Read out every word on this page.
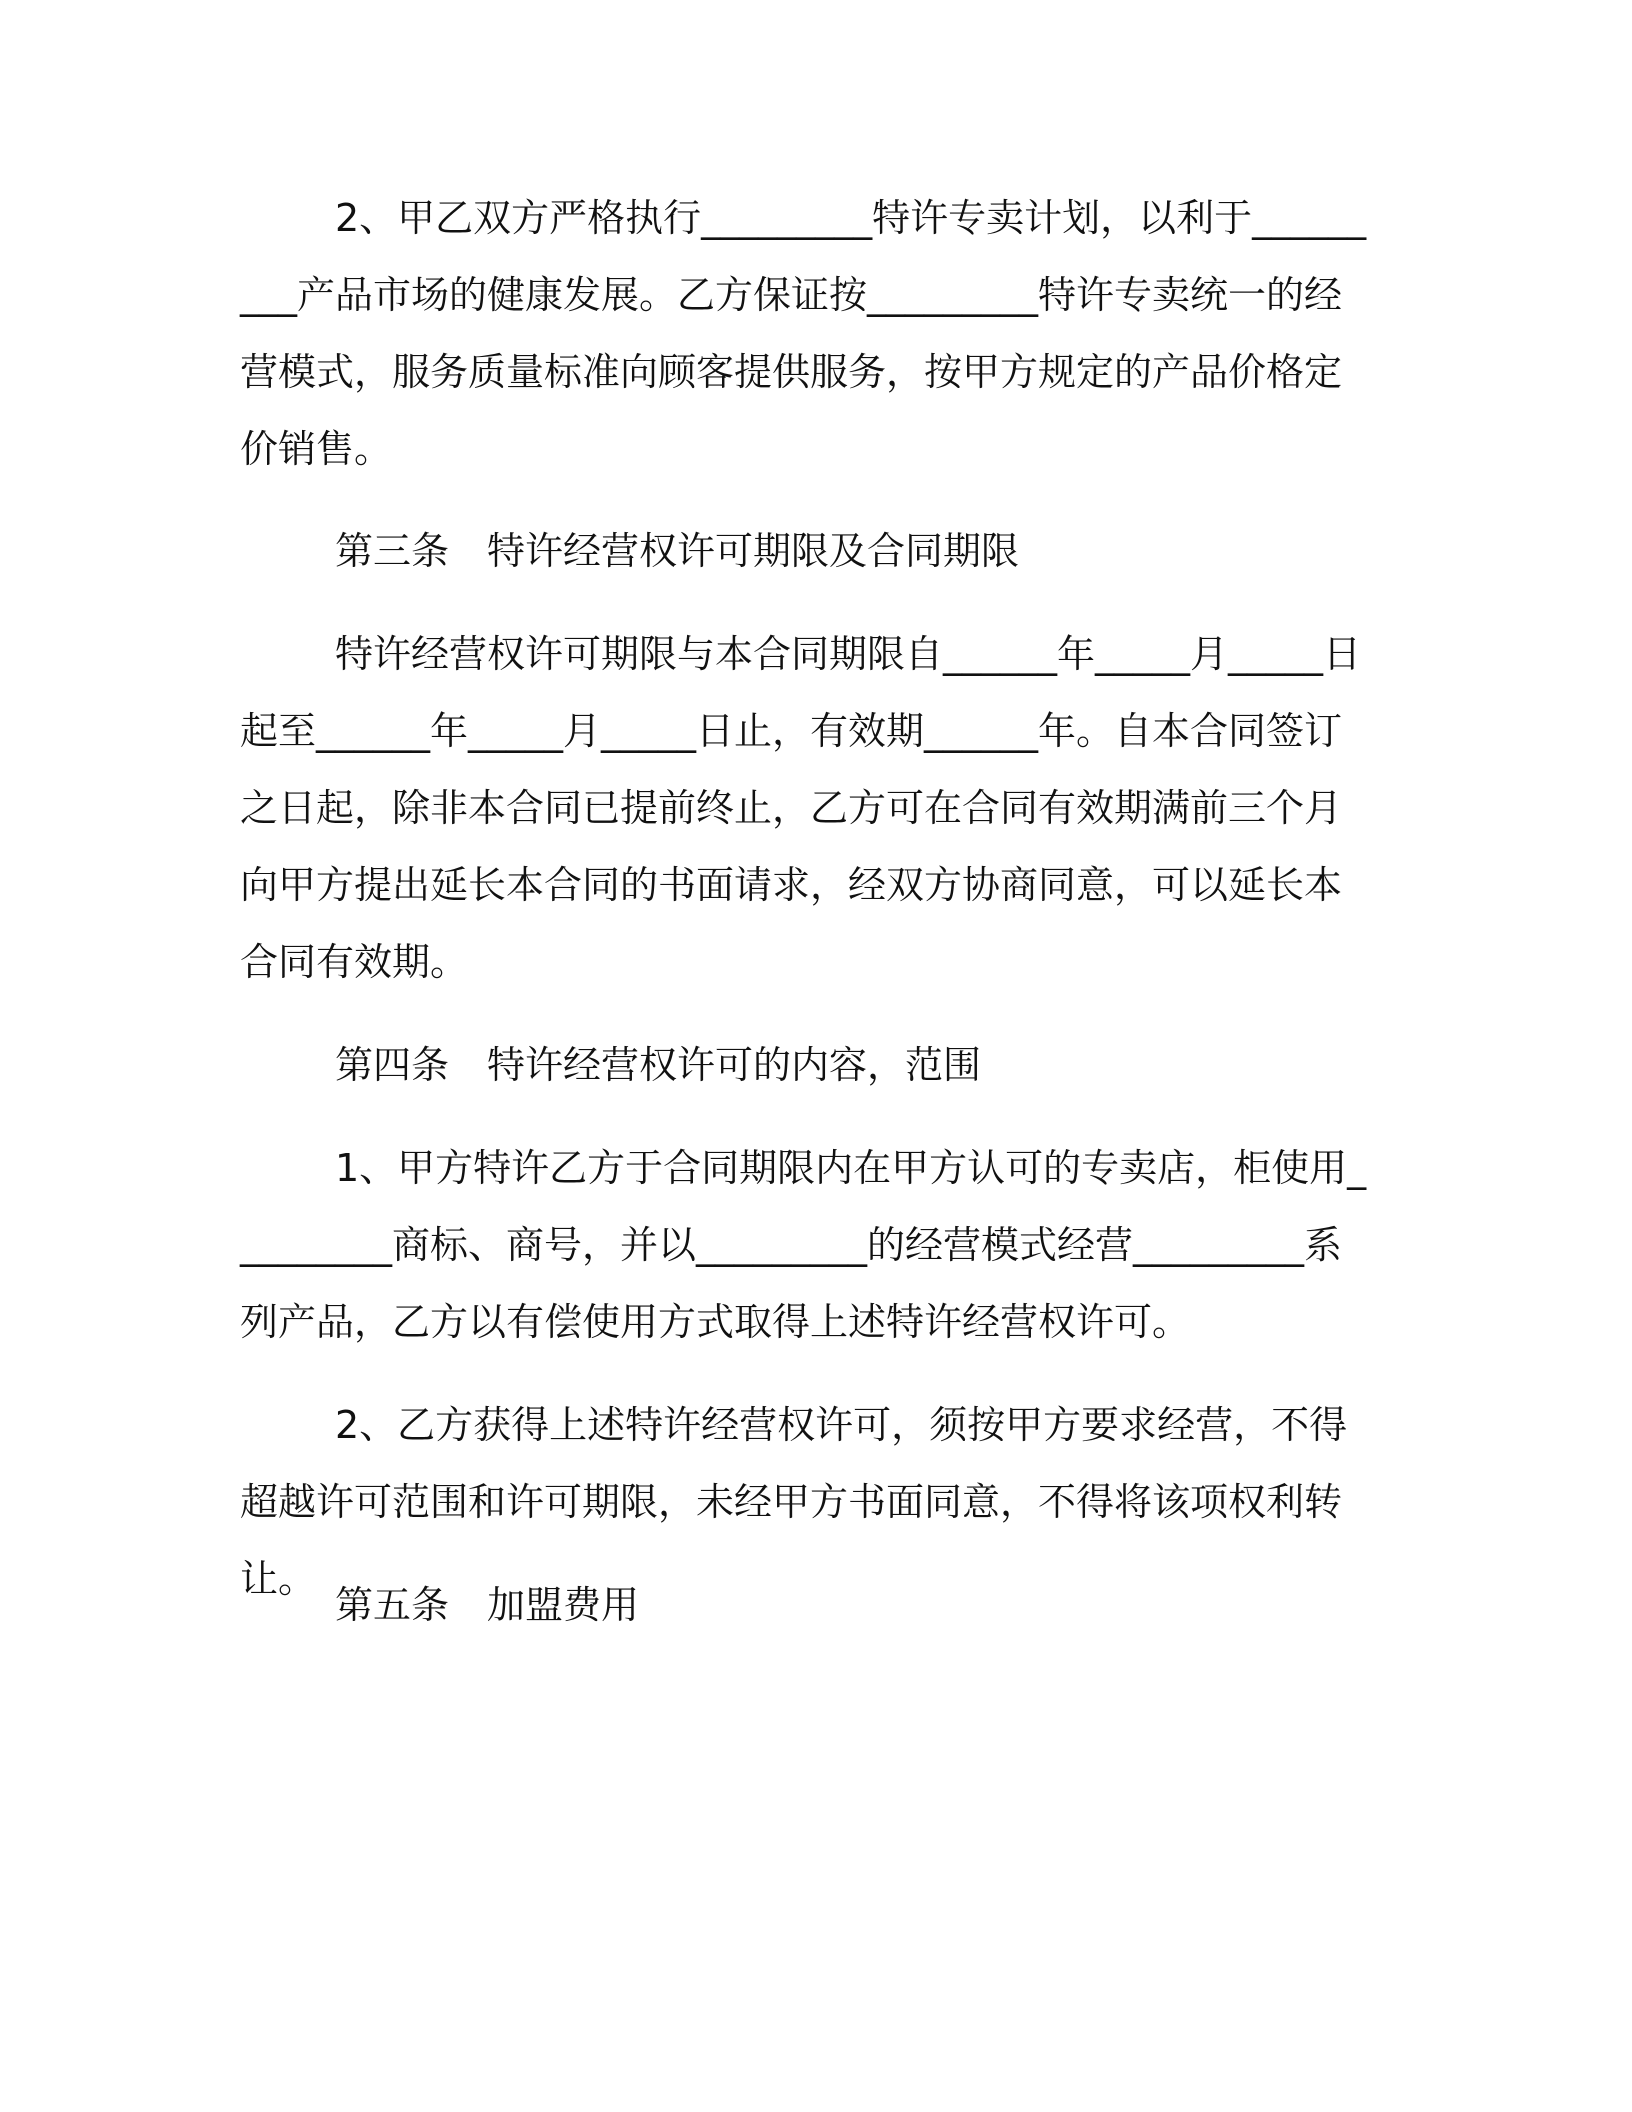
2、甲乙双方严格执行_________特许专卖计划，以利于_________产品市场的健康发展。乙方保证按_________特许专卖统一的经营模式，服务质量标准向顾客提供服务，按甲方规定的产品价格定价销售。

第三条　特许经营权许可期限及合同期限

特许经营权许可期限与本合同期限自______年_____月_____日起至______年_____月_____日止，有效期______年。自本合同签订之日起，除非本合同已提前终止，乙方可在合同有效期满前三个月向甲方提出延长本合同的书面请求，经双方协商同意，可以延长本合同有效期。

第四条　特许经营权许可的内容，范围

1、甲方特许乙方于合同期限内在甲方认可的专卖店，柜使用_________商标、商号，并以_________的经营模式经营_________系列产品，乙方以有偿使用方式取得上述特许经营权许可。

2、乙方获得上述特许经营权许可，须按甲方要求经营，不得超越许可范围和许可期限，未经甲方书面同意，不得将该项权利转让。

第五条　加盟费用
